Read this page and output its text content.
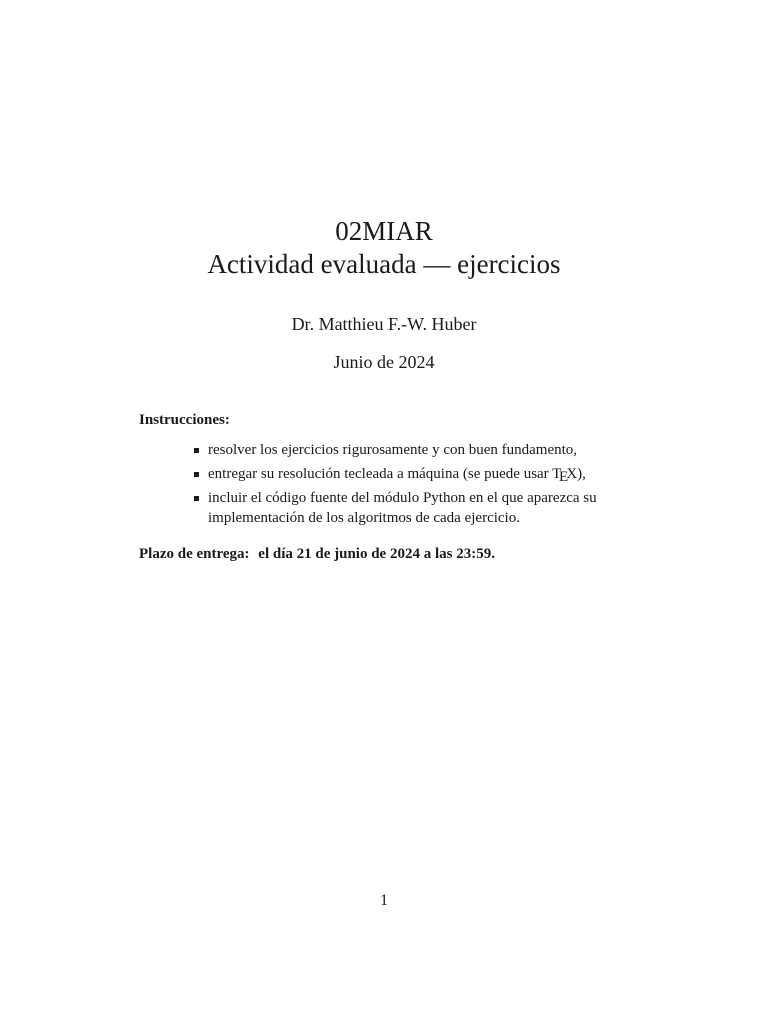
02MIAR

Actividad evaluada — ejercicios

Dr. Matthieu F.-W. Huber
Junio de 2024
Instrucciones:
resolver los ejercicios rigurosamente y con buen fundamento,
entregar su resolución tecleada a máquina (se puede usar TEX),
incluir el código fuente del módulo Python en el que aparezca su implementación de los algoritmos de cada ejercicio.
Plazo de entrega: el día 21 de junio de 2024 a las 23:59.
1
